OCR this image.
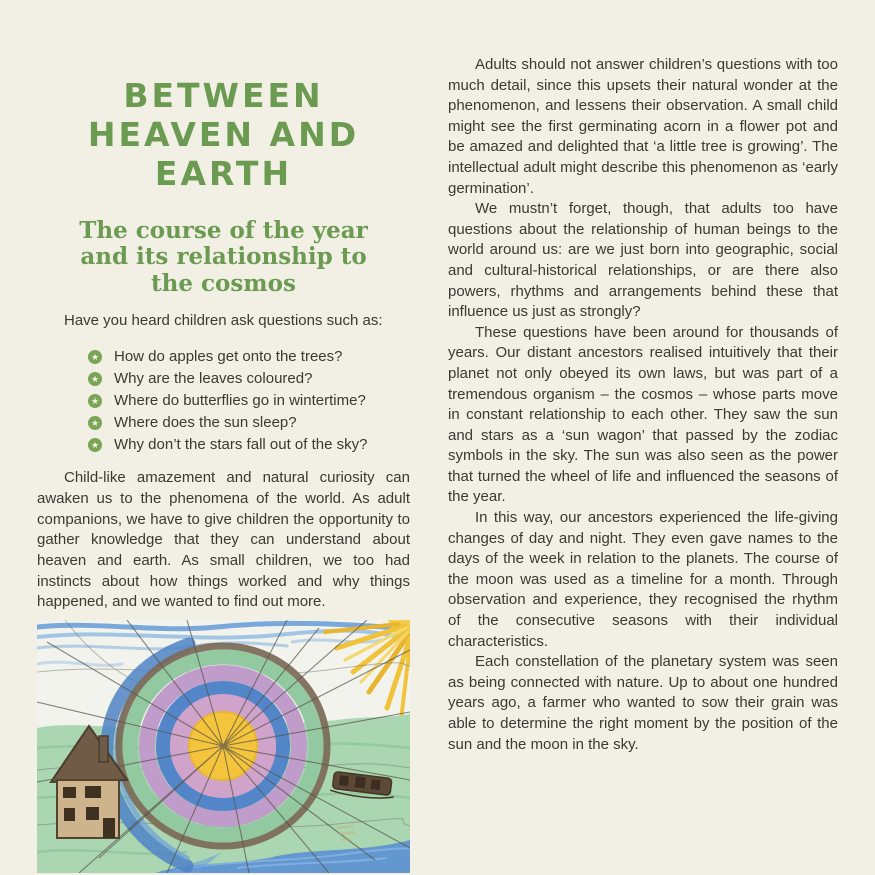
BETWEEN
HEAVEN AND
EARTH
The course of the year
and its relationship to
the cosmos
Have you heard children ask questions such as:
★
How do apples get onto the trees?
★
Why are the leaves coloured?
★
Where do butterflies go in wintertime?
★
Where does the sun sleep?
★
Why don’t the stars fall out of the sky?
Child-like amazement and natural curiosity can awaken us to the phenomena of the world. As adult companions, we have to give children the opportunity to gather knowledge that they can understand about heaven and earth. As small children, we too had instincts about how things worked and why things happened, and we wanted to find out more.

Adults should not answer children’s questions with too much detail, since this upsets their natural wonder at the phenomenon, and lessens their observation. A small child might see the first germinating acorn in a flower pot and be amazed and delighted that ‘a little tree is growing’. The intellectual adult might describe this phenomenon as ‘early germination’.

We mustn’t forget, though, that adults too have questions about the relationship of human beings to the world around us: are we just born into geographic, social and cultural-historical relationships, or are there also powers, rhythms and arrangements behind these that influence us just as strongly?

These questions have been around for thousands of years. Our distant ancestors realised intuitively that their planet not only obeyed its own laws, but was part of a tremendous organism – the cosmos – whose parts move in constant relationship to each other. They saw the sun and stars as a ‘sun wagon’ that passed by the zodiac symbols in the sky. The sun was also seen as the power that turned the wheel of life and influenced the seasons of the year.

In this way, our ancestors experienced the life-giving changes of day and night. They even gave names to the days of the week in relation to the planets. The course of the moon was used as a timeline for a month. Through observation and experience, they recognised the rhythm of the consecutive seasons with their individual characteristics.

Each constellation of the planetary system was seen as being connected with nature. Up to about one hundred years ago, a farmer who wanted to sow their grain was able to determine the right moment by the position of the sun and the moon in the sky.
